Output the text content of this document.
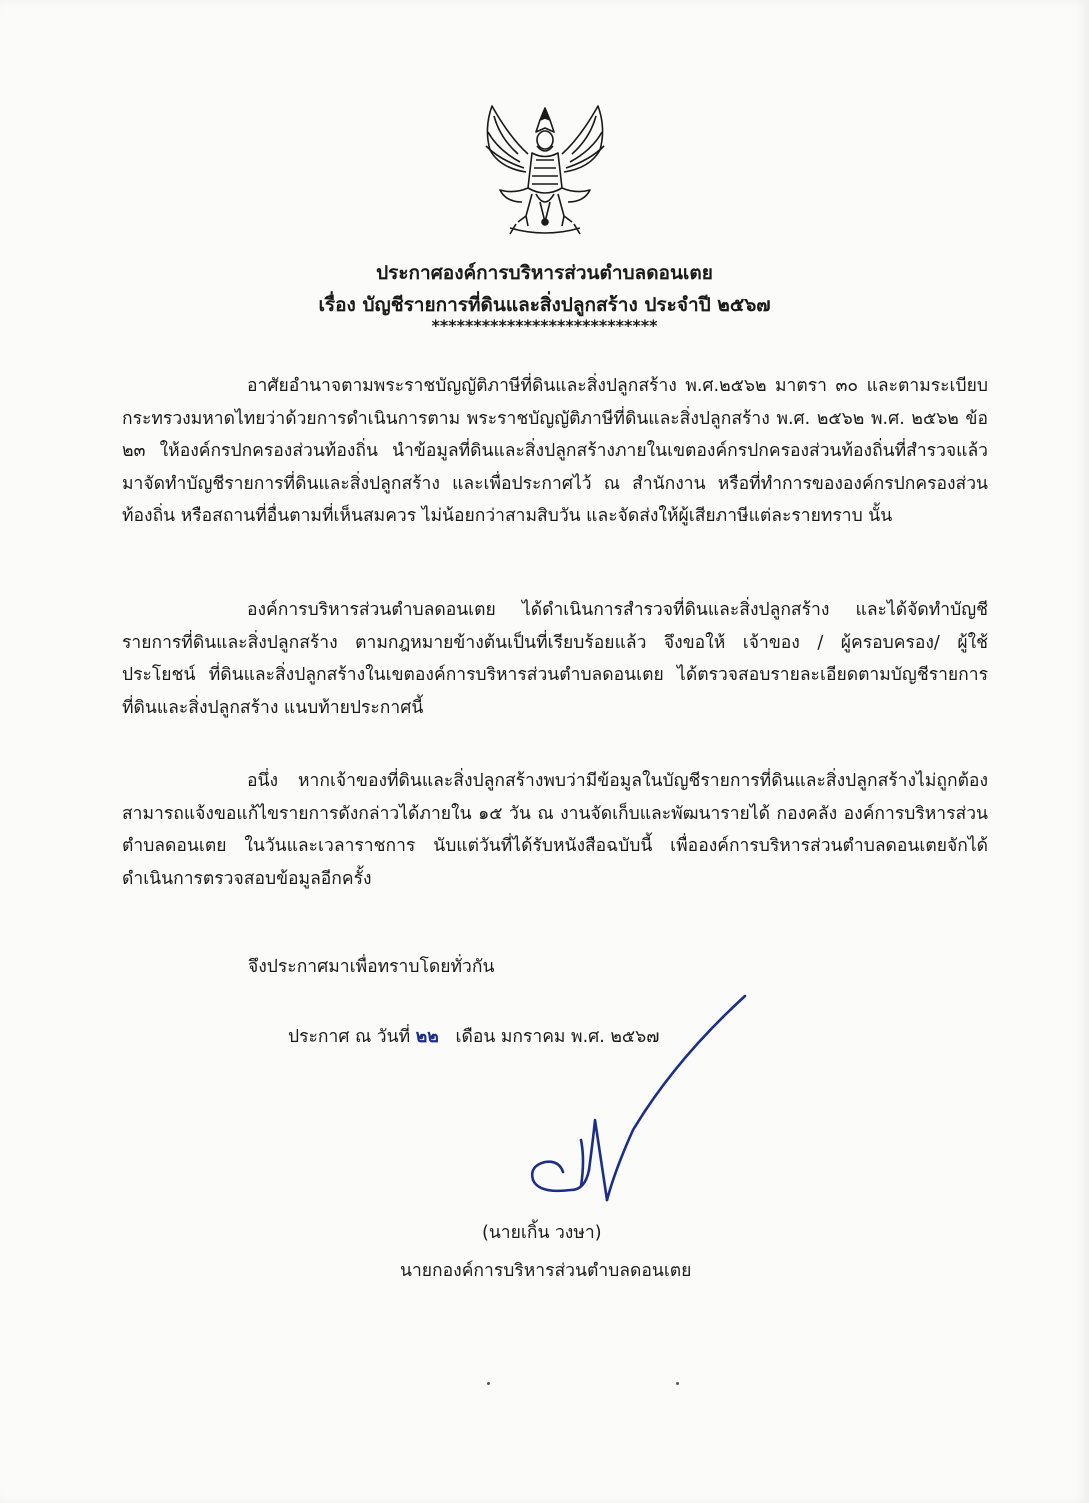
ประกาศองค์การบริหารส่วนตำบลดอนเตย
เรื่อง บัญชีรายการที่ดินและสิ่งปลูกสร้าง ประจำปี ๒๕๖๗
***************************
อาศัยอำนาจตามพระราชบัญญัติภาษีที่ดินและสิ่งปลูกสร้าง พ.ศ.๒๕๖๒ มาตรา ๓๐ และตามระเบียบกระทรวงมหาดไทยว่าด้วยการดำเนินการตาม พระราชบัญญัติภาษีที่ดินและสิ่งปลูกสร้าง พ.ศ. ๒๕๖๒ พ.ศ. ๒๕๖๒ ข้อ ๒๓ ให้องค์กรปกครองส่วนท้องถิ่น นำข้อมูลที่ดินและสิ่งปลูกสร้างภายในเขตองค์กรปกครองส่วนท้องถิ่นที่สำรวจแล้ว มาจัดทำบัญชีรายการที่ดินและสิ่งปลูกสร้าง และเพื่อประกาศไว้ ณ สำนักงาน หรือที่ทำการขององค์กรปกครองส่วนท้องถิ่น หรือสถานที่อื่นตามที่เห็นสมควร ไม่น้อยกว่าสามสิบวัน และจัดส่งให้ผู้เสียภาษีแต่ละรายทราบ นั้น
องค์การบริหารส่วนตำบลดอนเตย ได้ดำเนินการสำรวจที่ดินและสิ่งปลูกสร้าง และได้จัดทำบัญชีรายการที่ดินและสิ่งปลูกสร้าง ตามกฎหมายข้างต้นเป็นที่เรียบร้อยแล้ว จึงขอให้ เจ้าของ / ผู้ครอบครอง/ ผู้ใช้ประโยชน์ ที่ดินและสิ่งปลูกสร้างในเขตองค์การบริหารส่วนตำบลดอนเตย ได้ตรวจสอบรายละเอียดตามบัญชีรายการที่ดินและสิ่งปลูกสร้าง แนบท้ายประกาศนี้
อนึ่ง หากเจ้าของที่ดินและสิ่งปลูกสร้างพบว่ามีข้อมูลในบัญชีรายการที่ดินและสิ่งปลูกสร้างไม่ถูกต้อง สามารถแจ้งขอแก้ไขรายการดังกล่าวได้ภายใน ๑๕ วัน ณ งานจัดเก็บและพัฒนารายได้ กองคลัง องค์การบริหารส่วนตำบลดอนเตย ในวันและเวลาราชการ นับแต่วันที่ได้รับหนังสือฉบับนี้ เพื่อองค์การบริหารส่วนตำบลดอนเตยจักได้ดำเนินการตรวจสอบข้อมูลอีกครั้ง
จึงประกาศมาเพื่อทราบโดยทั่วกัน
ประกาศ ณ วันที่ ๒๒ เดือน มกราคม พ.ศ. ๒๕๖๗
(นายเกิ้น วงษา)
นายกองค์การบริหารส่วนตำบลดอนเตย
